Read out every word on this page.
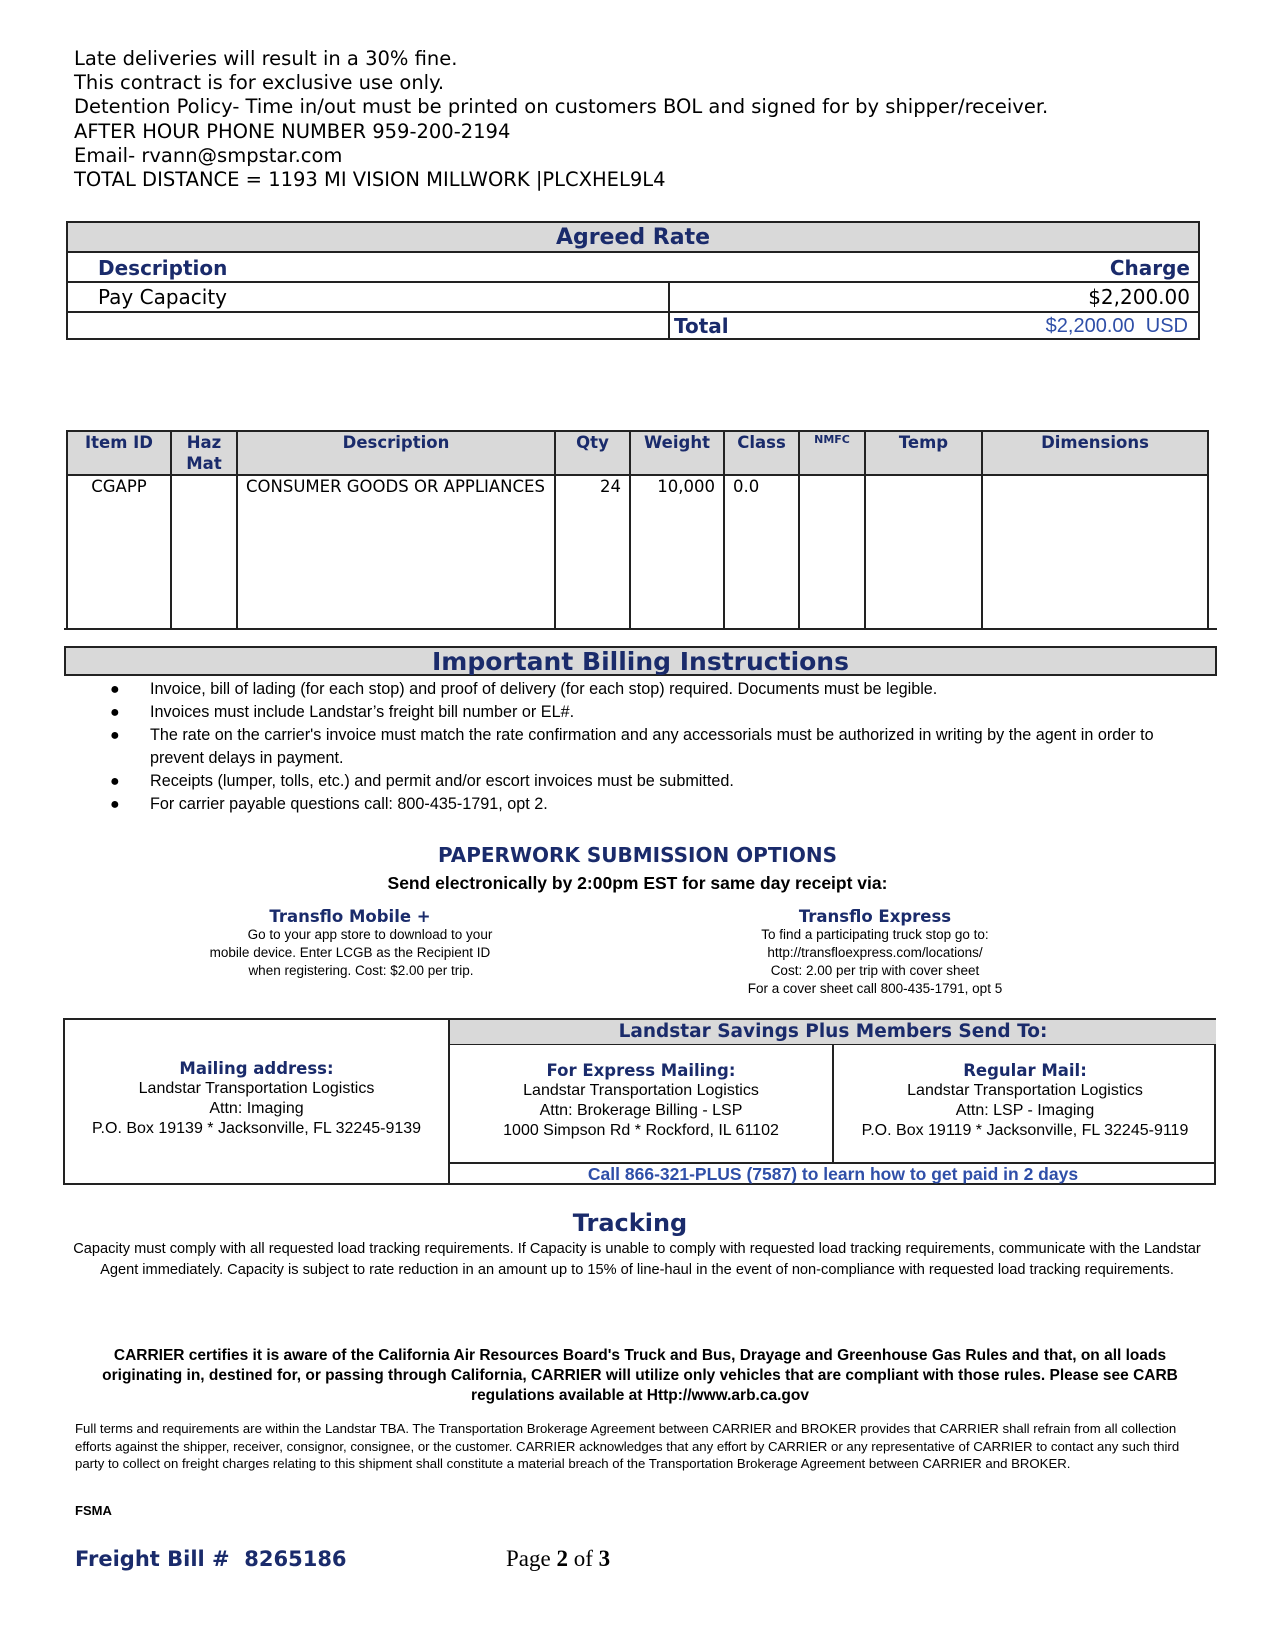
Late deliveries will result in a 30% fine.
This contract is for exclusive use only.
Detention Policy- Time in/out must be printed on customers BOL and signed for by shipper/receiver.
AFTER HOUR PHONE NUMBER 959-200-2194
Email- rvann@smpstar.com
TOTAL DISTANCE = 1193 MI VISION MILLWORK |PLCXHEL9L4
Agreed Rate
Description	Charge
Pay Capacity	$2,200.00
Total	$2,200.00  USD
Item ID	Haz Mat	Description	Qty	Weight	Class	NMFC	Temp	Dimensions
CGAPP		CONSUMER GOODS OR APPLIANCES	24	10,000	0.0			
Important Billing Instructions
● Invoice, bill of lading (for each stop) and proof of delivery (for each stop) required. Documents must be legible.
● Invoices must include Landstar’s freight bill number or EL#.
● The rate on the carrier's invoice must match the rate confirmation and any accessorials must be authorized in writing by the agent in order to prevent delays in payment.
● Receipts (lumper, tolls, etc.) and permit and/or escort invoices must be submitted.
● For carrier payable questions call: 800-435-1791, opt 2.
PAPERWORK SUBMISSION OPTIONS
Send electronically by 2:00pm EST for same day receipt via:
Transflo Mobile +
Go to your app store to download to your
mobile device. Enter LCGB as the Recipient ID
when registering. Cost: $2.00 per trip.
Transflo Express
To find a participating truck stop go to:
http://transfloexpress.com/locations/
Cost: 2.00 per trip with cover sheet
For a cover sheet call 800-435-1791, opt 5
Mailing address:
Landstar Transportation Logistics
Attn: Imaging
P.O. Box 19139 * Jacksonville, FL 32245-9139
Landstar Savings Plus Members Send To:
For Express Mailing:
Landstar Transportation Logistics
Attn: Brokerage Billing - LSP
1000 Simpson Rd * Rockford, IL 61102
Regular Mail:
Landstar Transportation Logistics
Attn: LSP - Imaging
P.O. Box 19119 * Jacksonville, FL 32245-9119
Call 866-321-PLUS (7587) to learn how to get paid in 2 days
Tracking
Capacity must comply with all requested load tracking requirements. If Capacity is unable to comply with requested load tracking requirements, communicate with the Landstar Agent immediately. Capacity is subject to rate reduction in an amount up to 15% of line-haul in the event of non-compliance with requested load tracking requirements.
CARRIER certifies it is aware of the California Air Resources Board's Truck and Bus, Drayage and Greenhouse Gas Rules and that, on all loads originating in, destined for, or passing through California, CARRIER will utilize only vehicles that are compliant with those rules. Please see CARB regulations available at Http://www.arb.ca.gov
Full terms and requirements are within the Landstar TBA. The Transportation Brokerage Agreement between CARRIER and BROKER provides that CARRIER shall refrain from all collection efforts against the shipper, receiver, consignor, consignee, or the customer. CARRIER acknowledges that any effort by CARRIER or any representative of CARRIER to contact any such third party to collect on freight charges relating to this shipment shall constitute a material breach of the Transportation Brokerage Agreement between CARRIER and BROKER.
FSMA
Freight Bill # 8265186	Page 2 of 3
